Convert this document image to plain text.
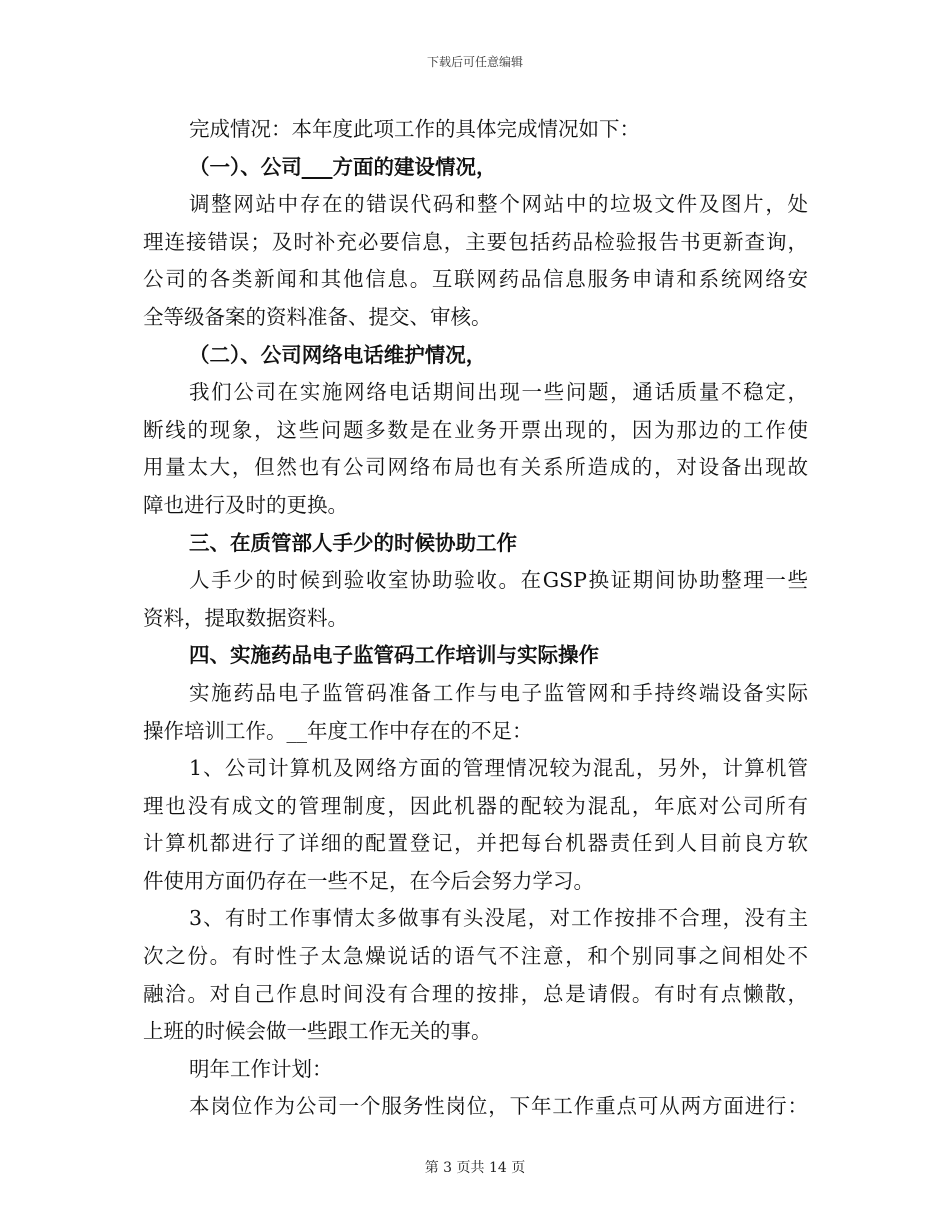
下载后可任意编辑
完成情况：本年度此项工作的具体完成情况如下：
（一）、公司___方面的建设情况，
调整网站中存在的错误代码和整个网站中的垃圾文件及图片，处
理连接错误；及时补充必要信息，主要包括药品检验报告书更新查询，
公司的各类新闻和其他信息。互联网药品信息服务申请和系统网络安
全等级备案的资料准备、提交、审核。
（二）、公司网络电话维护情况，
我们公司在实施网络电话期间出现一些问题，通话质量不稳定，
断线的现象，这些问题多数是在业务开票出现的，因为那边的工作使
用量太大，但然也有公司网络布局也有关系所造成的，对设备出现故
障也进行及时的更换。
三、在质管部人手少的时候协助工作
人手少的时候到验收室协助验收。在GSP换证期间协助整理一些
资料，提取数据资料。
四、实施药品电子监管码工作培训与实际操作
实施药品电子监管码准备工作与电子监管网和手持终端设备实际
操作培训工作。__年度工作中存在的不足：
1、公司计算机及网络方面的管理情况较为混乱，另外，计算机管
理也没有成文的管理制度，因此机器的配较为混乱，年底对公司所有
计算机都进行了详细的配置登记，并把每台机器责任到人目前良方软
件使用方面仍存在一些不足，在今后会努力学习。
3、有时工作事情太多做事有头没尾，对工作按排不合理，没有主
次之份。有时性子太急燥说话的语气不注意，和个别同事之间相处不
融洽。对自己作息时间没有合理的按排，总是请假。有时有点懒散，
上班的时候会做一些跟工作无关的事。
明年工作计划：
本岗位作为公司一个服务性岗位，下年工作重点可从两方面进行：
第 3 页共 14 页
